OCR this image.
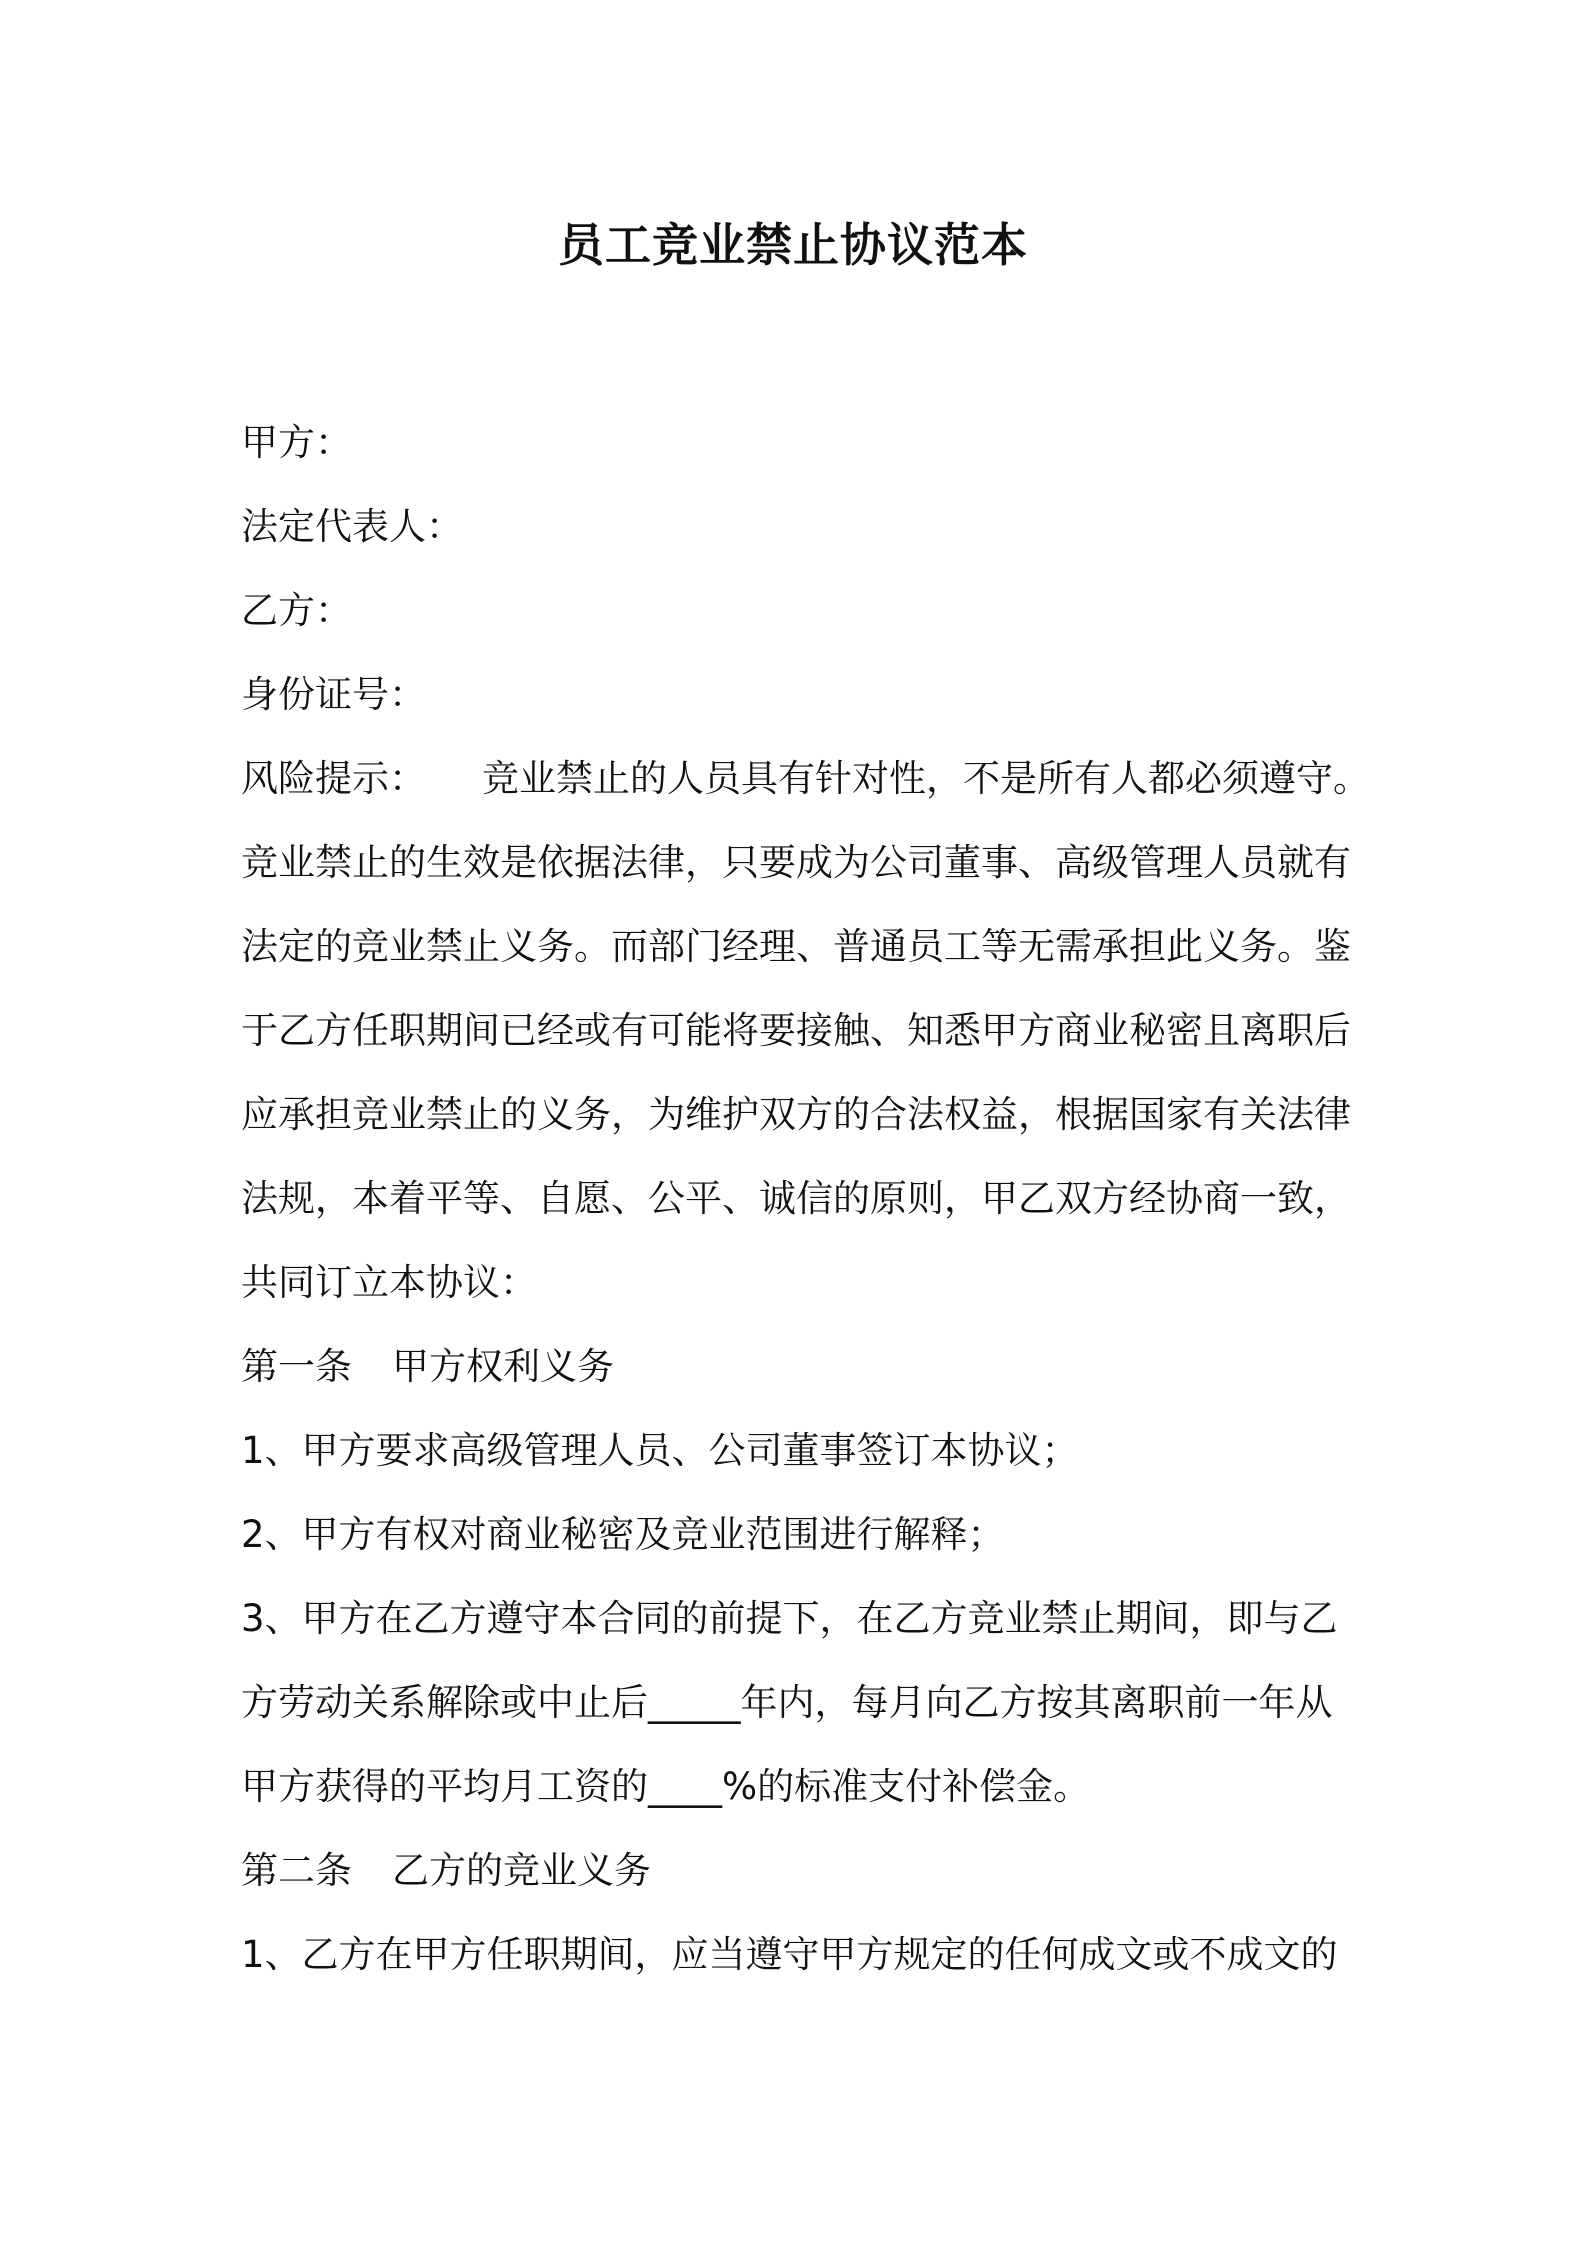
员工竞业禁止协议范本
甲方：
法定代表人：
乙方：
身份证号：
风险提示： 竞业禁止的人员具有针对性，不是所有人都必须遵守。
竞业禁止的生效是依据法律，只要成为公司董事、高级管理人员就有
法定的竞业禁止义务。而部门经理、普通员工等无需承担此义务。鉴
于乙方任职期间已经或有可能将要接触、知悉甲方商业秘密且离职后
应承担竞业禁止的义务，为维护双方的合法权益，根据国家有关法律
法规，本着平等、自愿、公平、诚信的原则，甲乙双方经协商一致，
共同订立本协议：
第一条 甲方权利义务
1、甲方要求高级管理人员、公司董事签订本协议；
2、甲方有权对商业秘密及竞业范围进行解释；
3、甲方在乙方遵守本合同的前提下，在乙方竞业禁止期间，即与乙
方劳动关系解除或中止后_____年内，每月向乙方按其离职前一年从
甲方获得的平均月工资的____%的标准支付补偿金。
第二条 乙方的竞业义务
1、乙方在甲方任职期间，应当遵守甲方规定的任何成文或不成文的
